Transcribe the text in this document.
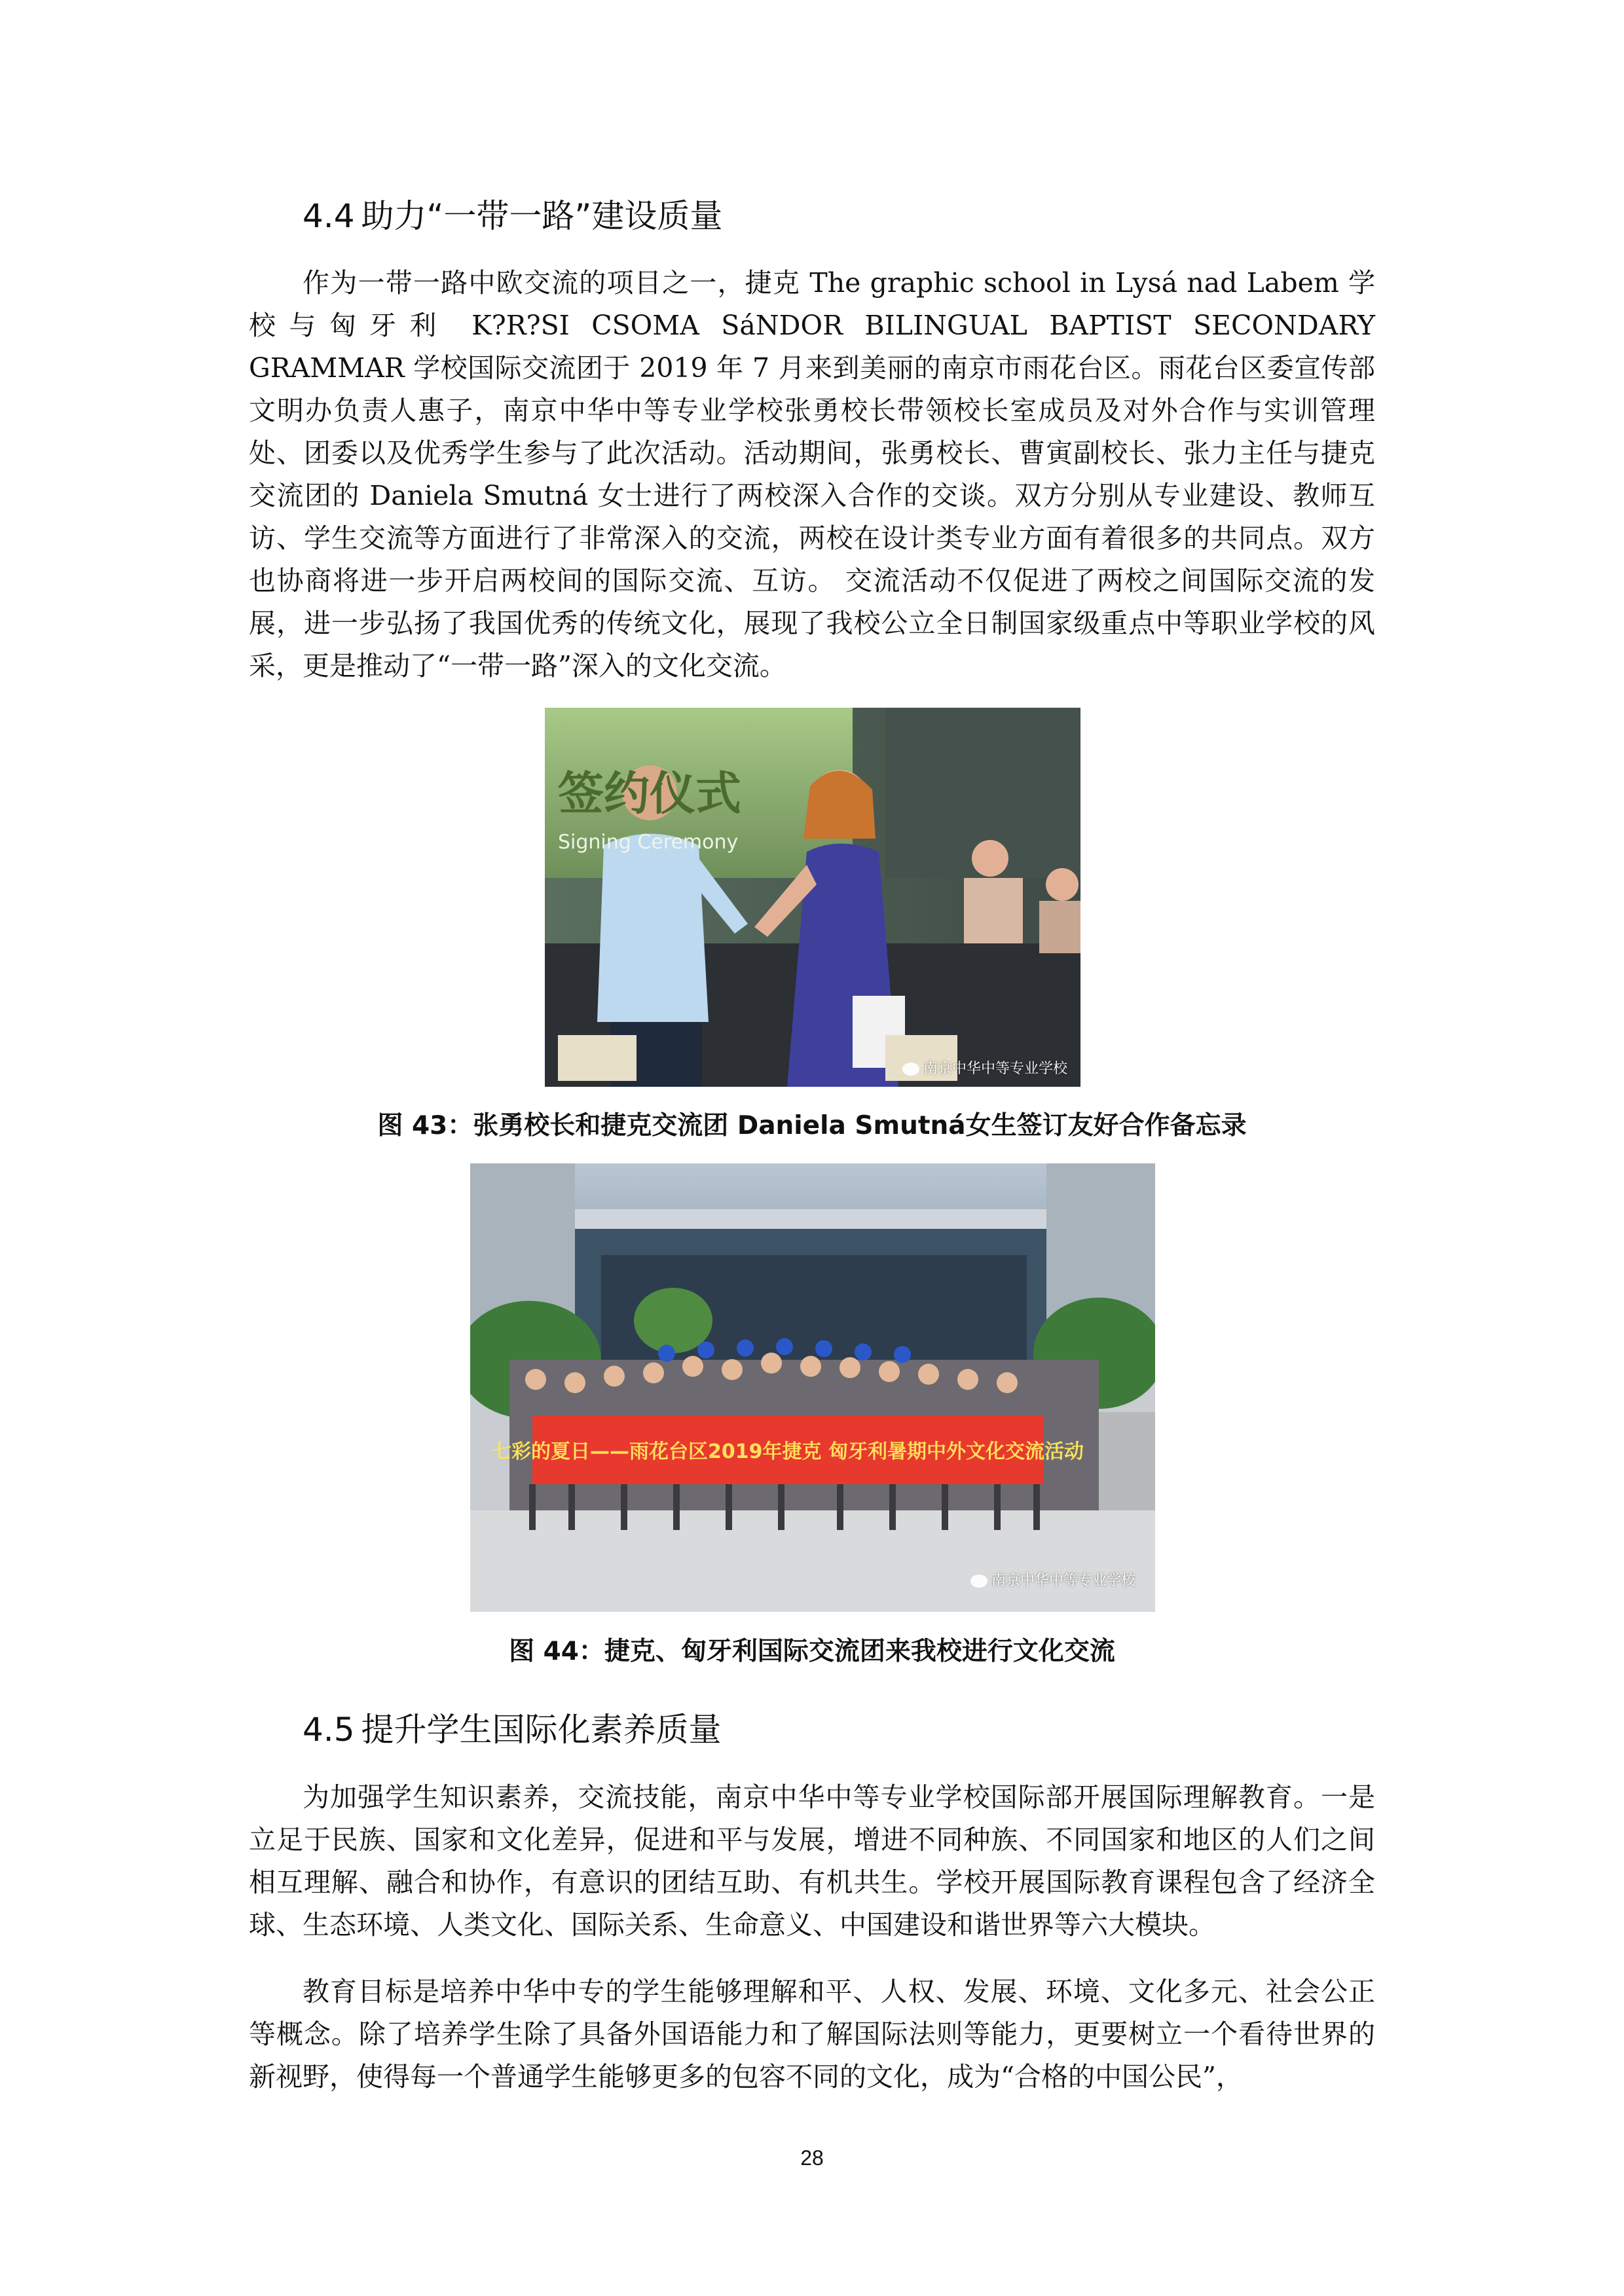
4.4 助力“一带一路”建设质量

作为一带一路中欧交流的项目之一，捷克 The graphic school in Lysá nad Labem 学校与匈牙利 K?R?SI CSOMA SáNDOR BILINGUAL BAPTIST SECONDARY GRAMMAR 学校国际交流团于 2019 年 7 月来到美丽的南京市雨花台区。雨花台区委宣传部文明办负责人惠子，南京中华中等专业学校张勇校长带领校长室成员及对外合作与实训管理处、团委以及优秀学生参与了此次活动。活动期间，张勇校长、曹寅副校长、张力主任与捷克交流团的 Daniela Smutná 女士进行了两校深入合作的交谈。双方分别从专业建设、教师互访、学生交流等方面进行了非常深入的交流，两校在设计类专业方面有着很多的共同点。双方也协商将进一步开启两校间的国际交流、互访。 交流活动不仅促进了两校之间国际交流的发展，进一步弘扬了我国优秀的传统文化，展现了我校公立全日制国家级重点中等职业学校的风采，更是推动了“一带一路”深入的文化交流。

签约仪式
Signing Ceremony
南京中华中等专业学校
图 43：张勇校长和捷克交流团 Daniela Smutná女生签订友好合作备忘录
七彩的夏日——雨花台区2019年捷克 匈牙利暑期中外文化交流活动
南京中华中等专业学校
图 44：捷克、匈牙利国际交流团来我校进行文化交流
4.5 提升学生国际化素养质量

为加强学生知识素养，交流技能，南京中华中等专业学校国际部开展国际理解教育。一是立足于民族、国家和文化差异，促进和平与发展，增进不同种族、不同国家和地区的人们之间相互理解、融合和协作，有意识的团结互助、有机共生。学校开展国际教育课程包含了经济全球、生态环境、人类文化、国际关系、生命意义、中国建设和谐世界等六大模块。

教育目标是培养中华中专的学生能够理解和平、人权、发展、环境、文化多元、社会公正等概念。除了培养学生除了具备外国语能力和了解国际法则等能力，更要树立一个看待世界的新视野，使得每一个普通学生能够更多的包容不同的文化，成为“合格的中国公民”，

28
